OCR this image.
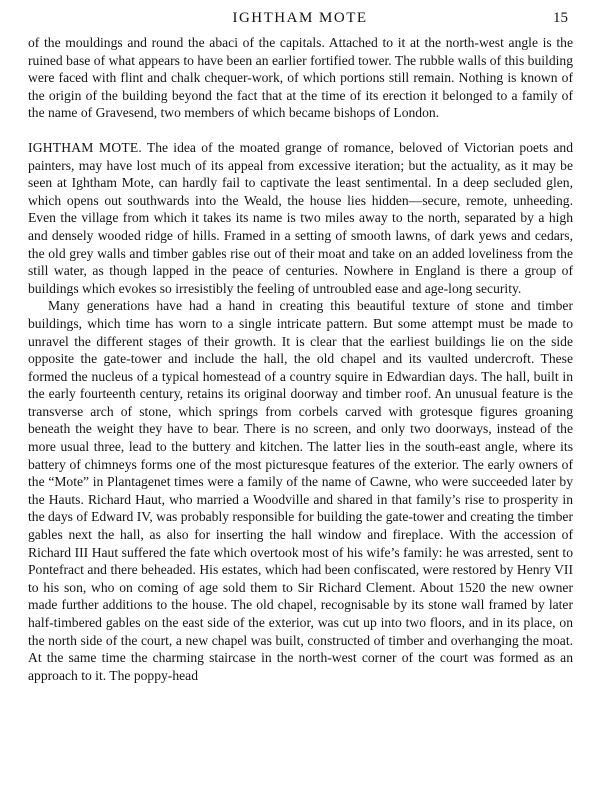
IGHTHAM MOTE	15

of the mouldings and round the abaci of the capitals. Attached to it at the north-west angle is the ruined base of what appears to have been an earlier fortified tower. The rubble walls of this building were faced with flint and chalk chequer-work, of which portions still remain. Nothing is known of the origin of the building beyond the fact that at the time of its erection it belonged to a family of the name of Gravesend, two members of which became bishops of London.

IGHTHAM MOTE. The idea of the moated grange of romance, beloved of Victorian poets and painters, may have lost much of its appeal from excessive iteration; but the actuality, as it may be seen at Ightham Mote, can hardly fail to captivate the least sentimental. In a deep secluded glen, which opens out southwards into the Weald, the house lies hidden—secure, remote, unheeding. Even the village from which it takes its name is two miles away to the north, separated by a high and densely wooded ridge of hills. Framed in a setting of smooth lawns, of dark yews and cedars, the old grey walls and timber gables rise out of their moat and take on an added loveliness from the still water, as though lapped in the peace of centuries. Nowhere in England is there a group of buildings which evokes so irresistibly the feeling of untroubled ease and age-long security.

Many generations have had a hand in creating this beautiful texture of stone and timber buildings, which time has worn to a single intricate pattern. But some attempt must be made to unravel the different stages of their growth. It is clear that the earliest buildings lie on the side opposite the gate-tower and include the hall, the old chapel and its vaulted undercroft. These formed the nucleus of a typical homestead of a country squire in Edwardian days. The hall, built in the early fourteenth century, retains its original doorway and timber roof. An unusual feature is the transverse arch of stone, which springs from corbels carved with grotesque figures groaning beneath the weight they have to bear. There is no screen, and only two doorways, instead of the more usual three, lead to the buttery and kitchen. The latter lies in the south-east angle, where its battery of chimneys forms one of the most picturesque features of the exterior. The early owners of the “Mote” in Plantagenet times were a family of the name of Cawne, who were succeeded later by the Hauts. Richard Haut, who married a Woodville and shared in that family’s rise to prosperity in the days of Edward IV, was probably responsible for building the gate-tower and creating the timber gables next the hall, as also for inserting the hall window and fireplace. With the accession of Richard III Haut suffered the fate which overtook most of his wife’s family: he was arrested, sent to Pontefract and there beheaded. His estates, which had been confiscated, were restored by Henry VII to his son, who on coming of age sold them to Sir Richard Clement. About 1520 the new owner made further additions to the house. The old chapel, recognisable by its stone wall framed by later half-timbered gables on the east side of the exterior, was cut up into two floors, and in its place, on the north side of the court, a new chapel was built, constructed of timber and overhanging the moat. At the same time the charming staircase in the north-west corner of the court was formed as an approach to it. The poppy-head
